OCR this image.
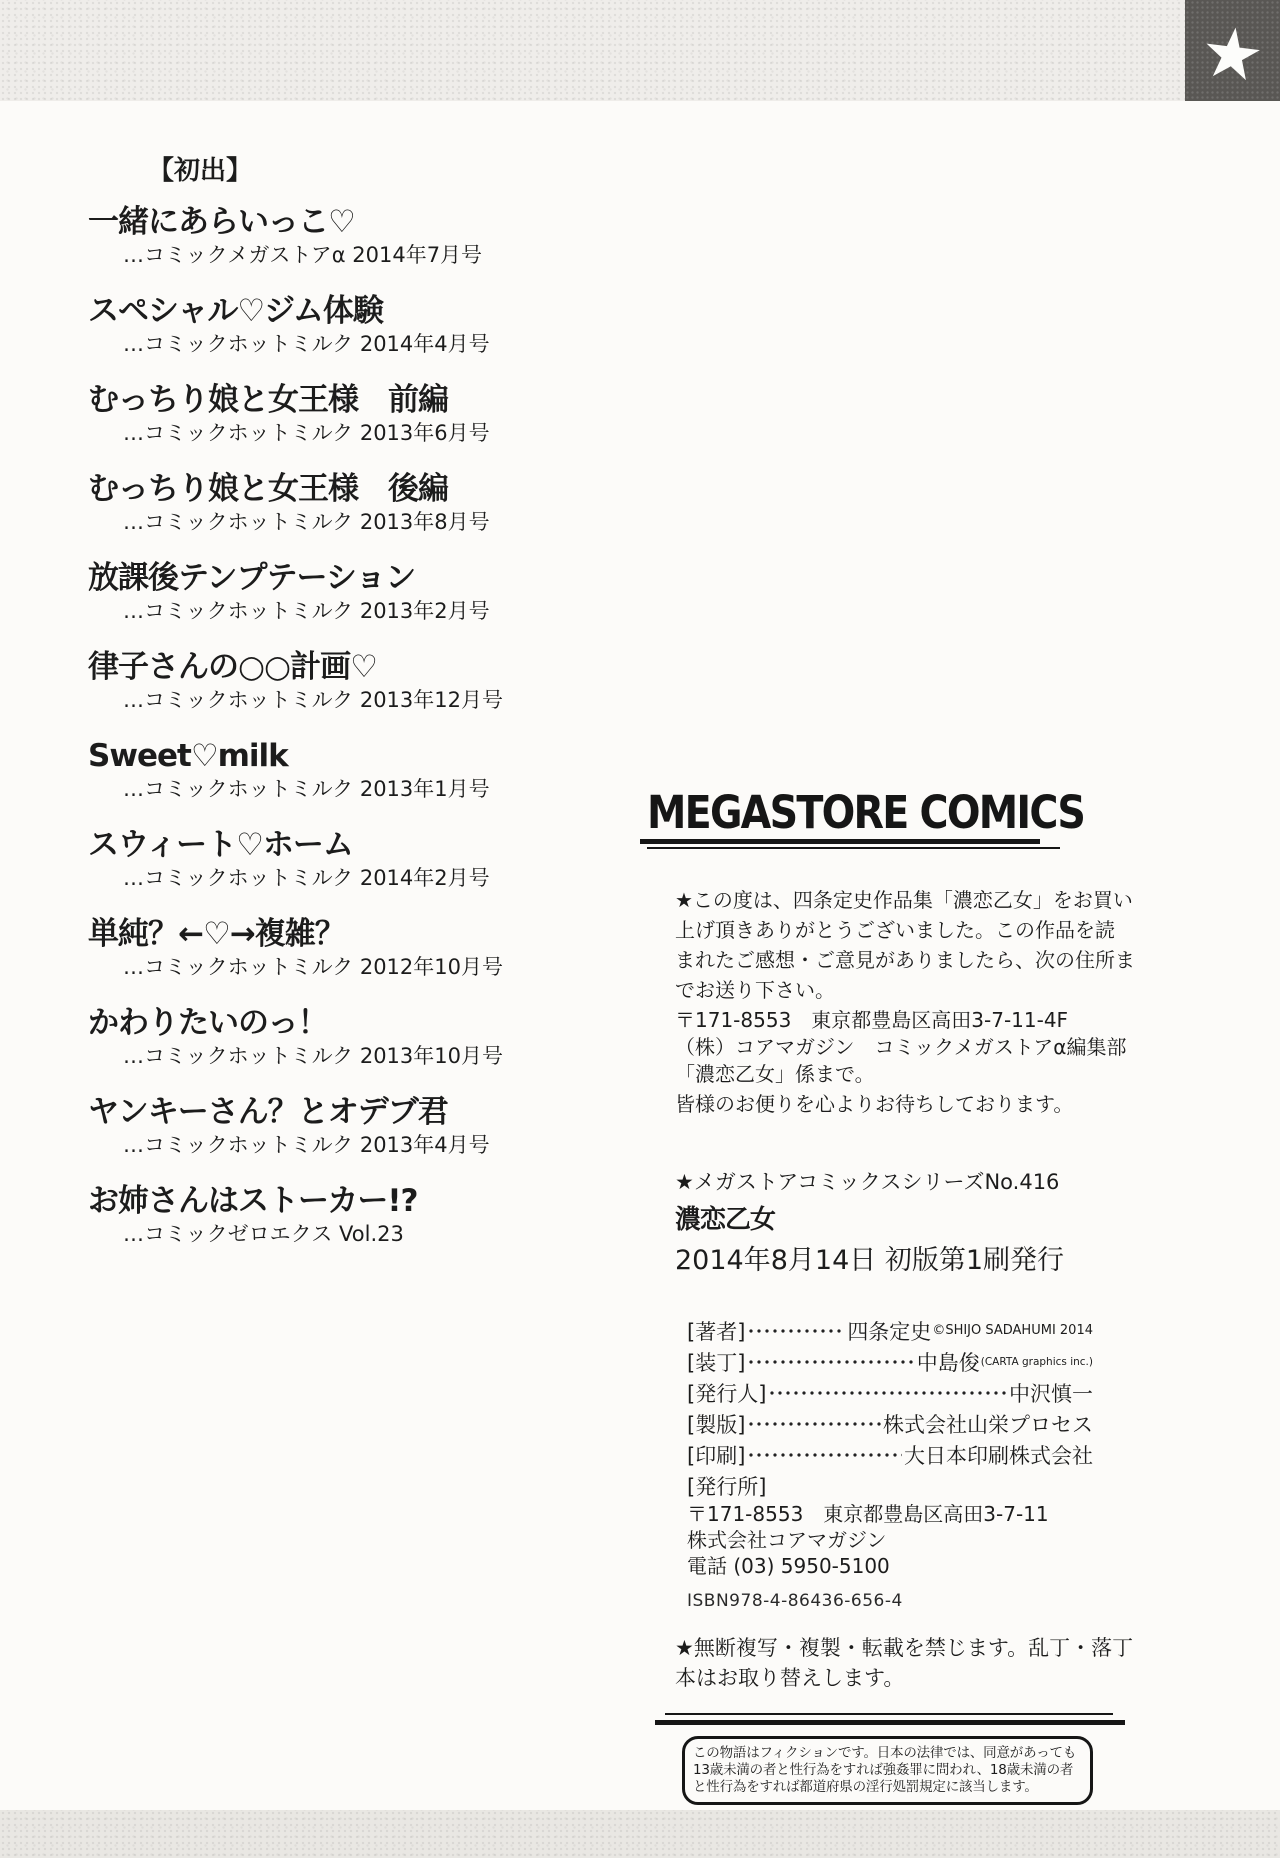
★
【初出】
一緒にあらいっこ♡
…コミックメガストアα 2014年7月号
スペシャル♡ジム体験
…コミックホットミルク 2014年4月号
むっちり娘と女王様　前編
…コミックホットミルク 2013年6月号
むっちり娘と女王様　後編
…コミックホットミルク 2013年8月号
放課後テンプテーション
…コミックホットミルク 2013年2月号
律子さんの○○計画♡
…コミックホットミルク 2013年12月号
Sweet♡milk
…コミックホットミルク 2013年1月号
スウィート♡ホーム
…コミックホットミルク 2014年2月号
単純？←♡→複雑？
…コミックホットミルク 2012年10月号
かわりたいのっ！
…コミックホットミルク 2013年10月号
ヤンキーさん？とオデブ君
…コミックホットミルク 2013年4月号
お姉さんはストーカー!?
…コミックゼロエクス Vol.23
MEGASTORE COMICS
★この度は、四条定史作品集「濃恋乙女」をお買い
上げ頂きありがとうございました。この作品を読
まれたご感想・ご意見がありましたら、次の住所ま
でお送り下さい。
〒171-8553　東京都豊島区高田3-7-11-4F
（株）コアマガジン　コミックメガストアα編集部
「濃恋乙女」係まで。
皆様のお便りを心よりお待ちしております。
★メガストアコミックスシリーズNo.416
濃恋乙女
2014年8月14日 初版第1刷発行
[著者]	四条定史 ©SHIJO SADAHUMI 2014
[装丁]	中島俊 (CARTA graphics inc.)
[発行人]	中沢慎一
[製版]	株式会社山栄プロセス
[印刷]	大日本印刷株式会社
[発行所]
〒171-8553　東京都豊島区高田3-7-11
株式会社コアマガジン
電話 (03) 5950-5100
ISBN978-4-86436-656-4
★無断複写・複製・転載を禁じます。乱丁・落丁
本はお取り替えします。
この物語はフィクションです。日本の法律では、同意があっても
13歳未満の者と性行為をすれば強姦罪に問われ、18歳未満の者
と性行為をすれば都道府県の淫行処罰規定に該当します。
